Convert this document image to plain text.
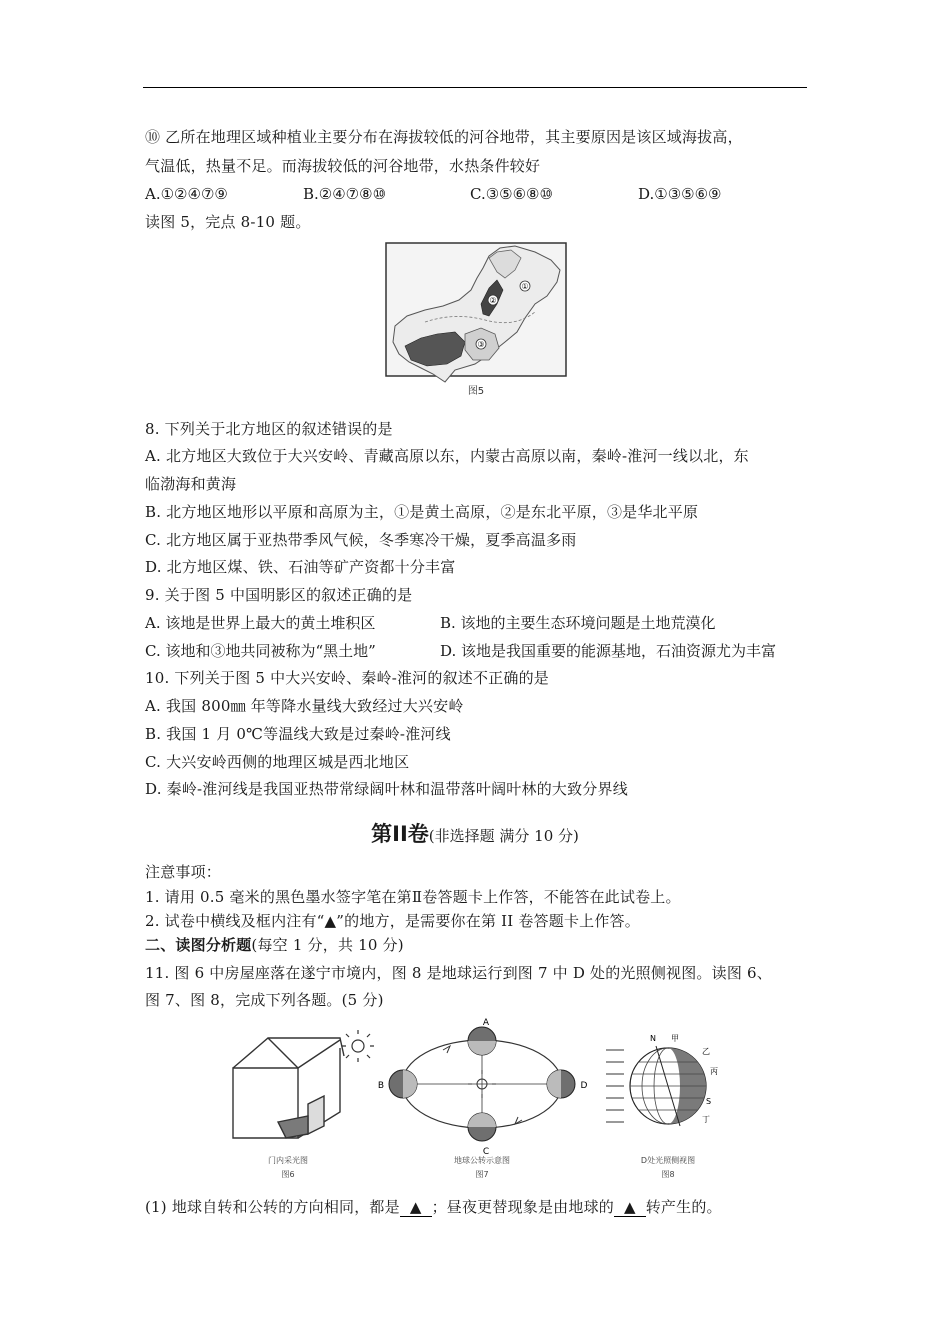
⑩ 乙所在地理区域种植业主要分布在海拔较低的河谷地带，其主要原因是该区域海拔高，
气温低，热量不足。而海拔较低的河谷地带，水热条件较好
A.①②④⑦⑨	B.②④⑦⑧⑩	C.③⑤⑥⑧⑩	D.①③⑤⑥⑨
读图 5，完点 8-10 题。
①
②
③
图5
8. 下列关于北方地区的叙述错误的是
A. 北方地区大致位于大兴安岭、青藏高原以东，内蒙古高原以南，秦岭-淮河一线以北，东
临渤海和黄海
B. 北方地区地形以平原和高原为主，①是黄土高原，②是东北平原，③是华北平原
C. 北方地区属于亚热带季风气候，冬季寒冷干燥，夏季高温多雨
D. 北方地区煤、铁、石油等矿产资都十分丰富
9. 关于图 5 中国明影区的叙述正确的是
A. 该地是世界上最大的黄土堆积区	B. 该地的主要生态环境问题是土地荒漠化
C. 该地和③地共同被称为“黑土地”	D. 该地是我国重要的能源基地，石油资源尤为丰富
10. 下列关于图 5 中大兴安岭、秦岭-淮河的叙述不正确的是
A. 我国 800㎜ 年等降水量线大致经过大兴安岭
B. 我国 1 月 0℃等温线大致是过秦岭-淮河线
C. 大兴安岭西侧的地理区城是西北地区
D. 秦岭-淮河线是我国亚热带常绿阔叶林和温带落叶阔叶林的大致分界线
第II卷(非选择题 满分 10 分)
注意事项：
1. 请用 0.5 毫米的黑色墨水签字笔在第Ⅱ卷答题卡上作答，不能答在此试卷上。
2. 试卷中横线及框内注有“▲”的地方，是需要你在第 II 卷答题卡上作答。
二、读图分析题(每空 1 分，共 10 分)
11. 图 6 中房屋座落在遂宁市境内，图 8 是地球运行到图 7 中 D 处的光照侧视图。读图 6、
图 7、图 8，完成下列各题。(5 分)
门内采光图
图6
A
B
C
D
地球公转示意图
图7
N 甲
乙
丙
S
丁
D处光照侧视图
图8
(1) 地球自转和公转的方向相同，都是 ▲ ；昼夜更替现象是由地球的 ▲ 转产生的。
